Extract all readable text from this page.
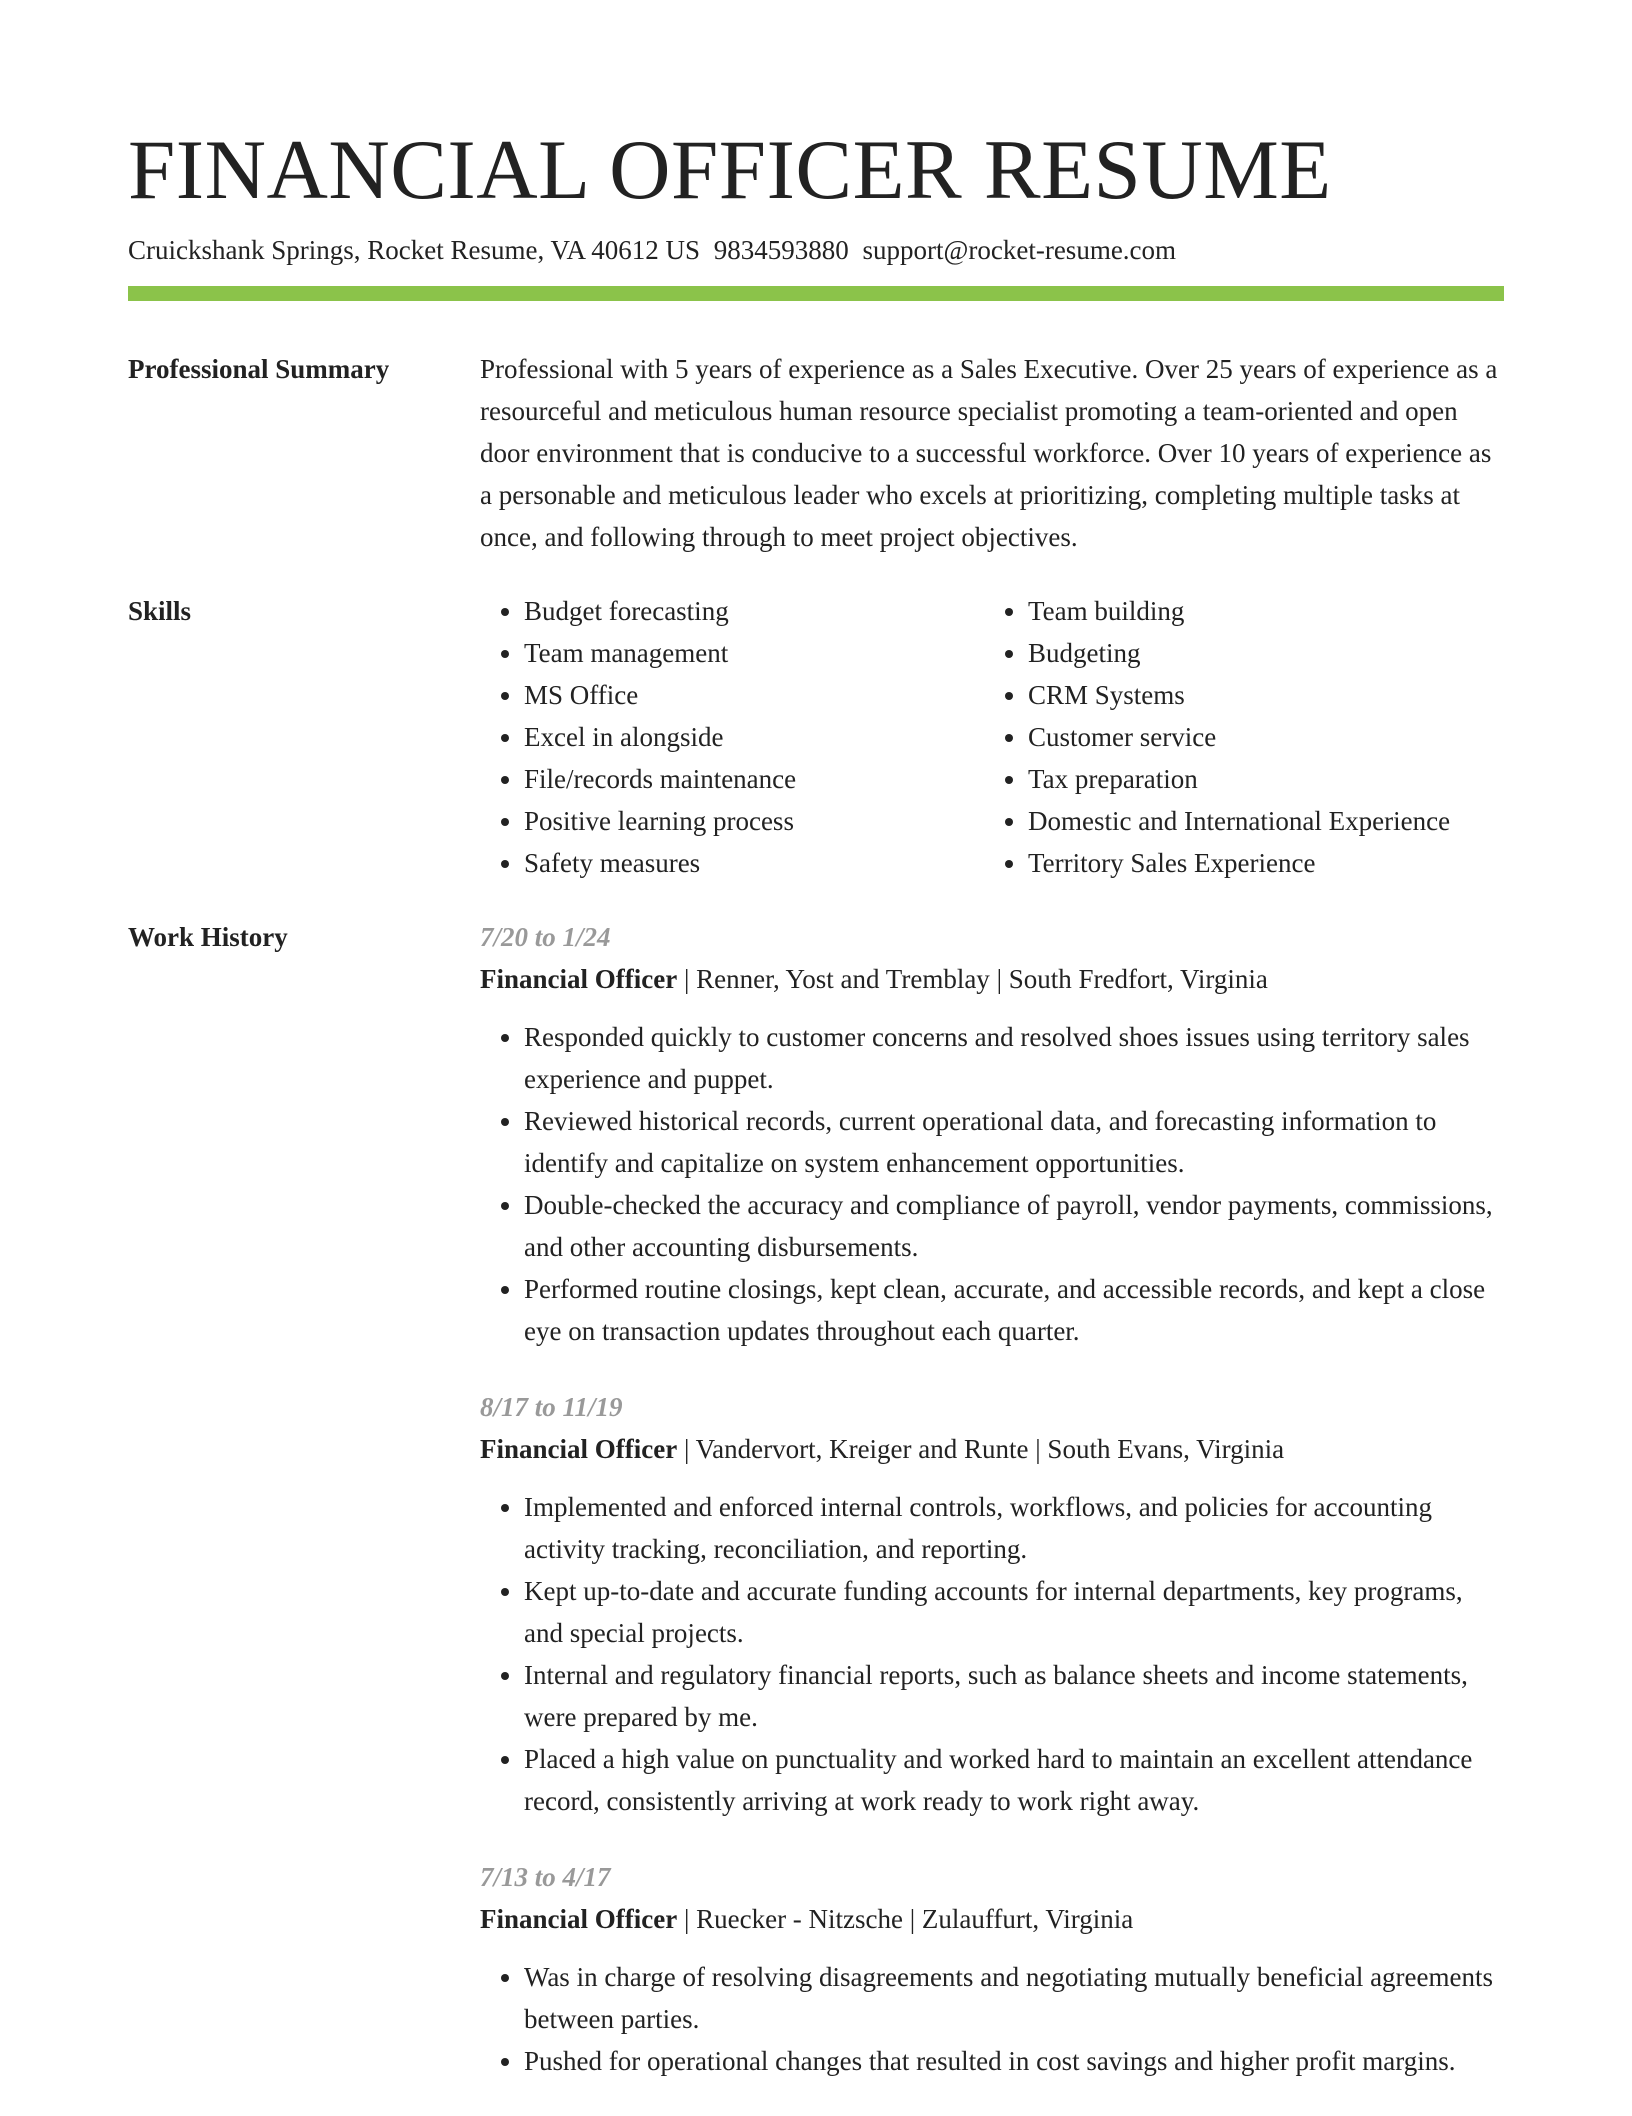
FINANCIAL OFFICER RESUME
Cruickshank Springs, Rocket Resume, VA 40612 US 9834593880 support@rocket-resume.com
Professional Summary	Professional with 5 years of experience as a Sales Executive. Over 25 years of experience as a resourceful and meticulous human resource specialist promoting a team-oriented and open door environment that is conducive to a successful workforce. Over 10 years of experience as a personable and meticulous leader who excels at prioritizing, completing multiple tasks at once, and following through to meet project objectives.

Skills
•	Budget forecasting
• Team management
• MS Office
• Excel in alongside
• File/records maintenance
• Positive learning process
• Safety measures
• Team building
• Budgeting
• CRM Systems
• Customer service
• Tax preparation
• Domestic and International Experience
• Territory Sales Experience
Work History	7/20 to 1/24
Financial Officer | Renner, Yost and Tremblay | South Fredfort, Virginia
• Responded quickly to customer concerns and resolved shoes issues using territory sales experience and puppet.
• Reviewed historical records, current operational data, and forecasting information to identify and capitalize on system enhancement opportunities.
• Double-checked the accuracy and compliance of payroll, vendor payments, commissions, and other accounting disbursements.
• Performed routine closings, kept clean, accurate, and accessible records, and kept a close eye on transaction updates throughout each quarter.
8/17 to 11/19
Financial Officer | Vandervort, Kreiger and Runte | South Evans, Virginia
• Implemented and enforced internal controls, workflows, and policies for accounting activity tracking, reconciliation, and reporting.
• Kept up-to-date and accurate funding accounts for internal departments, key programs, and special projects.
• Internal and regulatory financial reports, such as balance sheets and income statements, were prepared by me.
• Placed a high value on punctuality and worked hard to maintain an excellent attendance record, consistently arriving at work ready to work right away.
7/13 to 4/17
Financial Officer | Ruecker - Nitzsche | Zulauffurt, Virginia
• Was in charge of resolving disagreements and negotiating mutually beneficial agreements between parties.
• Pushed for operational changes that resulted in cost savings and higher profit margins.
